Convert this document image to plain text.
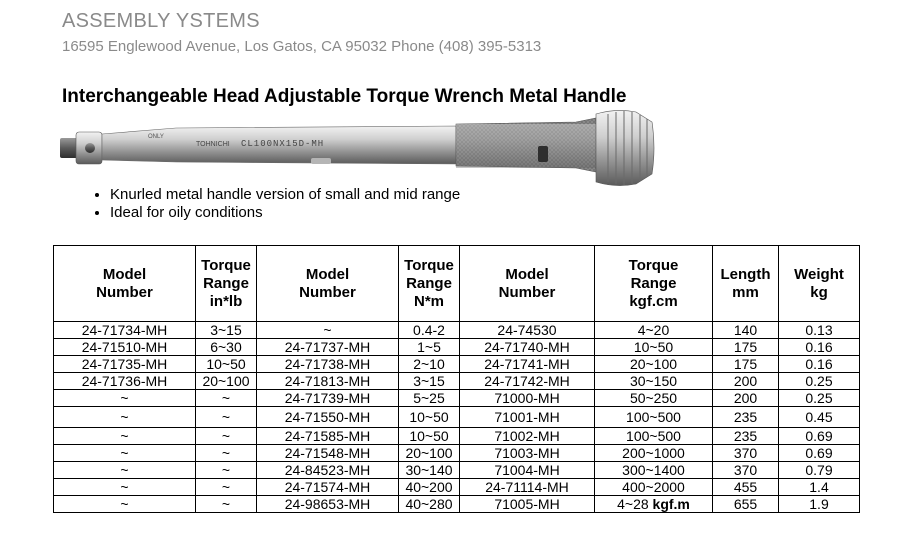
ASSEMBLY YSTEMS
16595 Englewood Avenue, Los Gatos, CA 95032 Phone (408) 395-5313
Interchangeable Head Adjustable Torque Wrench Metal Handle
TOHNICHI CL100NX15D-MH
ONLY
• Knurled metal handle version of small and mid range
• Ideal for oily conditions
Model
Number	Torque
Range
in*lb	Model
Number	Torque
Range
N*m	Model
Number	Torque
Range
kgf.cm	Length
mm	Weight
kg
24-71734-MH	3~15	~	0.4-2	24-74530	4~20	140	0.13
24-71510-MH	6~30	24-71737-MH	1~5	24-71740-MH	10~50	175	0.16
24-71735-MH	10~50	24-71738-MH	2~10	24-71741-MH	20~100	175	0.16
24-71736-MH	20~100	24-71813-MH	3~15	24-71742-MH	30~150	200	0.25
~	~	24-71739-MH	5~25	71000-MH	50~250	200	0.25
~	~	24-71550-MH	10~50	71001-MH	100~500	235	0.45
~	~	24-71585-MH	10~50	71002-MH	100~500	235	0.69
~	~	24-71548-MH	20~100	71003-MH	200~1000	370	0.69
~	~	24-84523-MH	30~140	71004-MH	300~1400	370	0.79
~	~	24-71574-MH	40~200	24-71114-MH	400~2000	455	1.4
~	~	24-98653-MH	40~280	71005-MH	4~28 kgf.m	655	1.9
